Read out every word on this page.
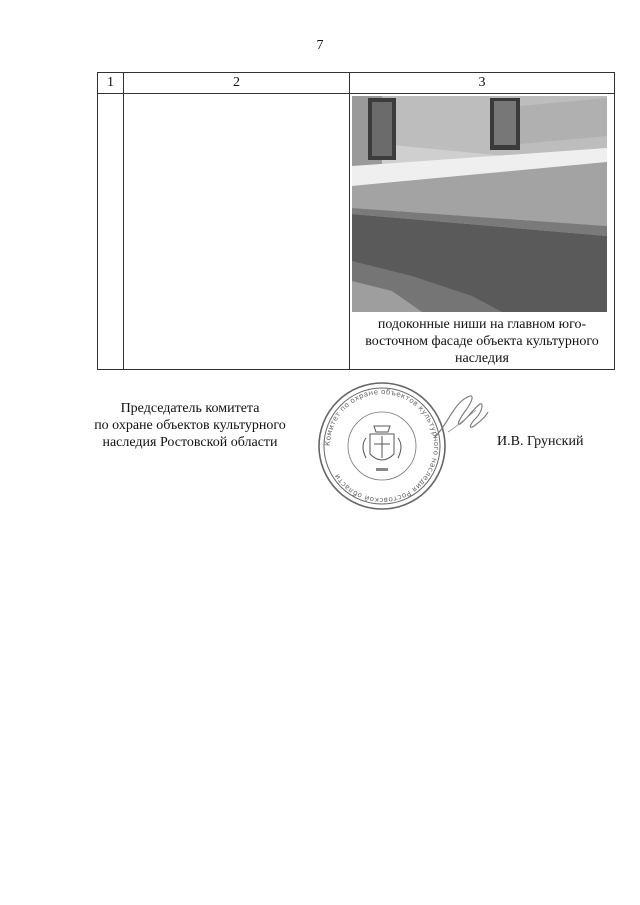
7
1	2	3

		подоконные ниши на главном юго-восточном фасаде объекта культурного наследия
Председатель комитета
по охране объектов культурного
наследия Ростовской области	Комитет по охране объектов культурного наследия Ростовской области
И.В. Грунский
